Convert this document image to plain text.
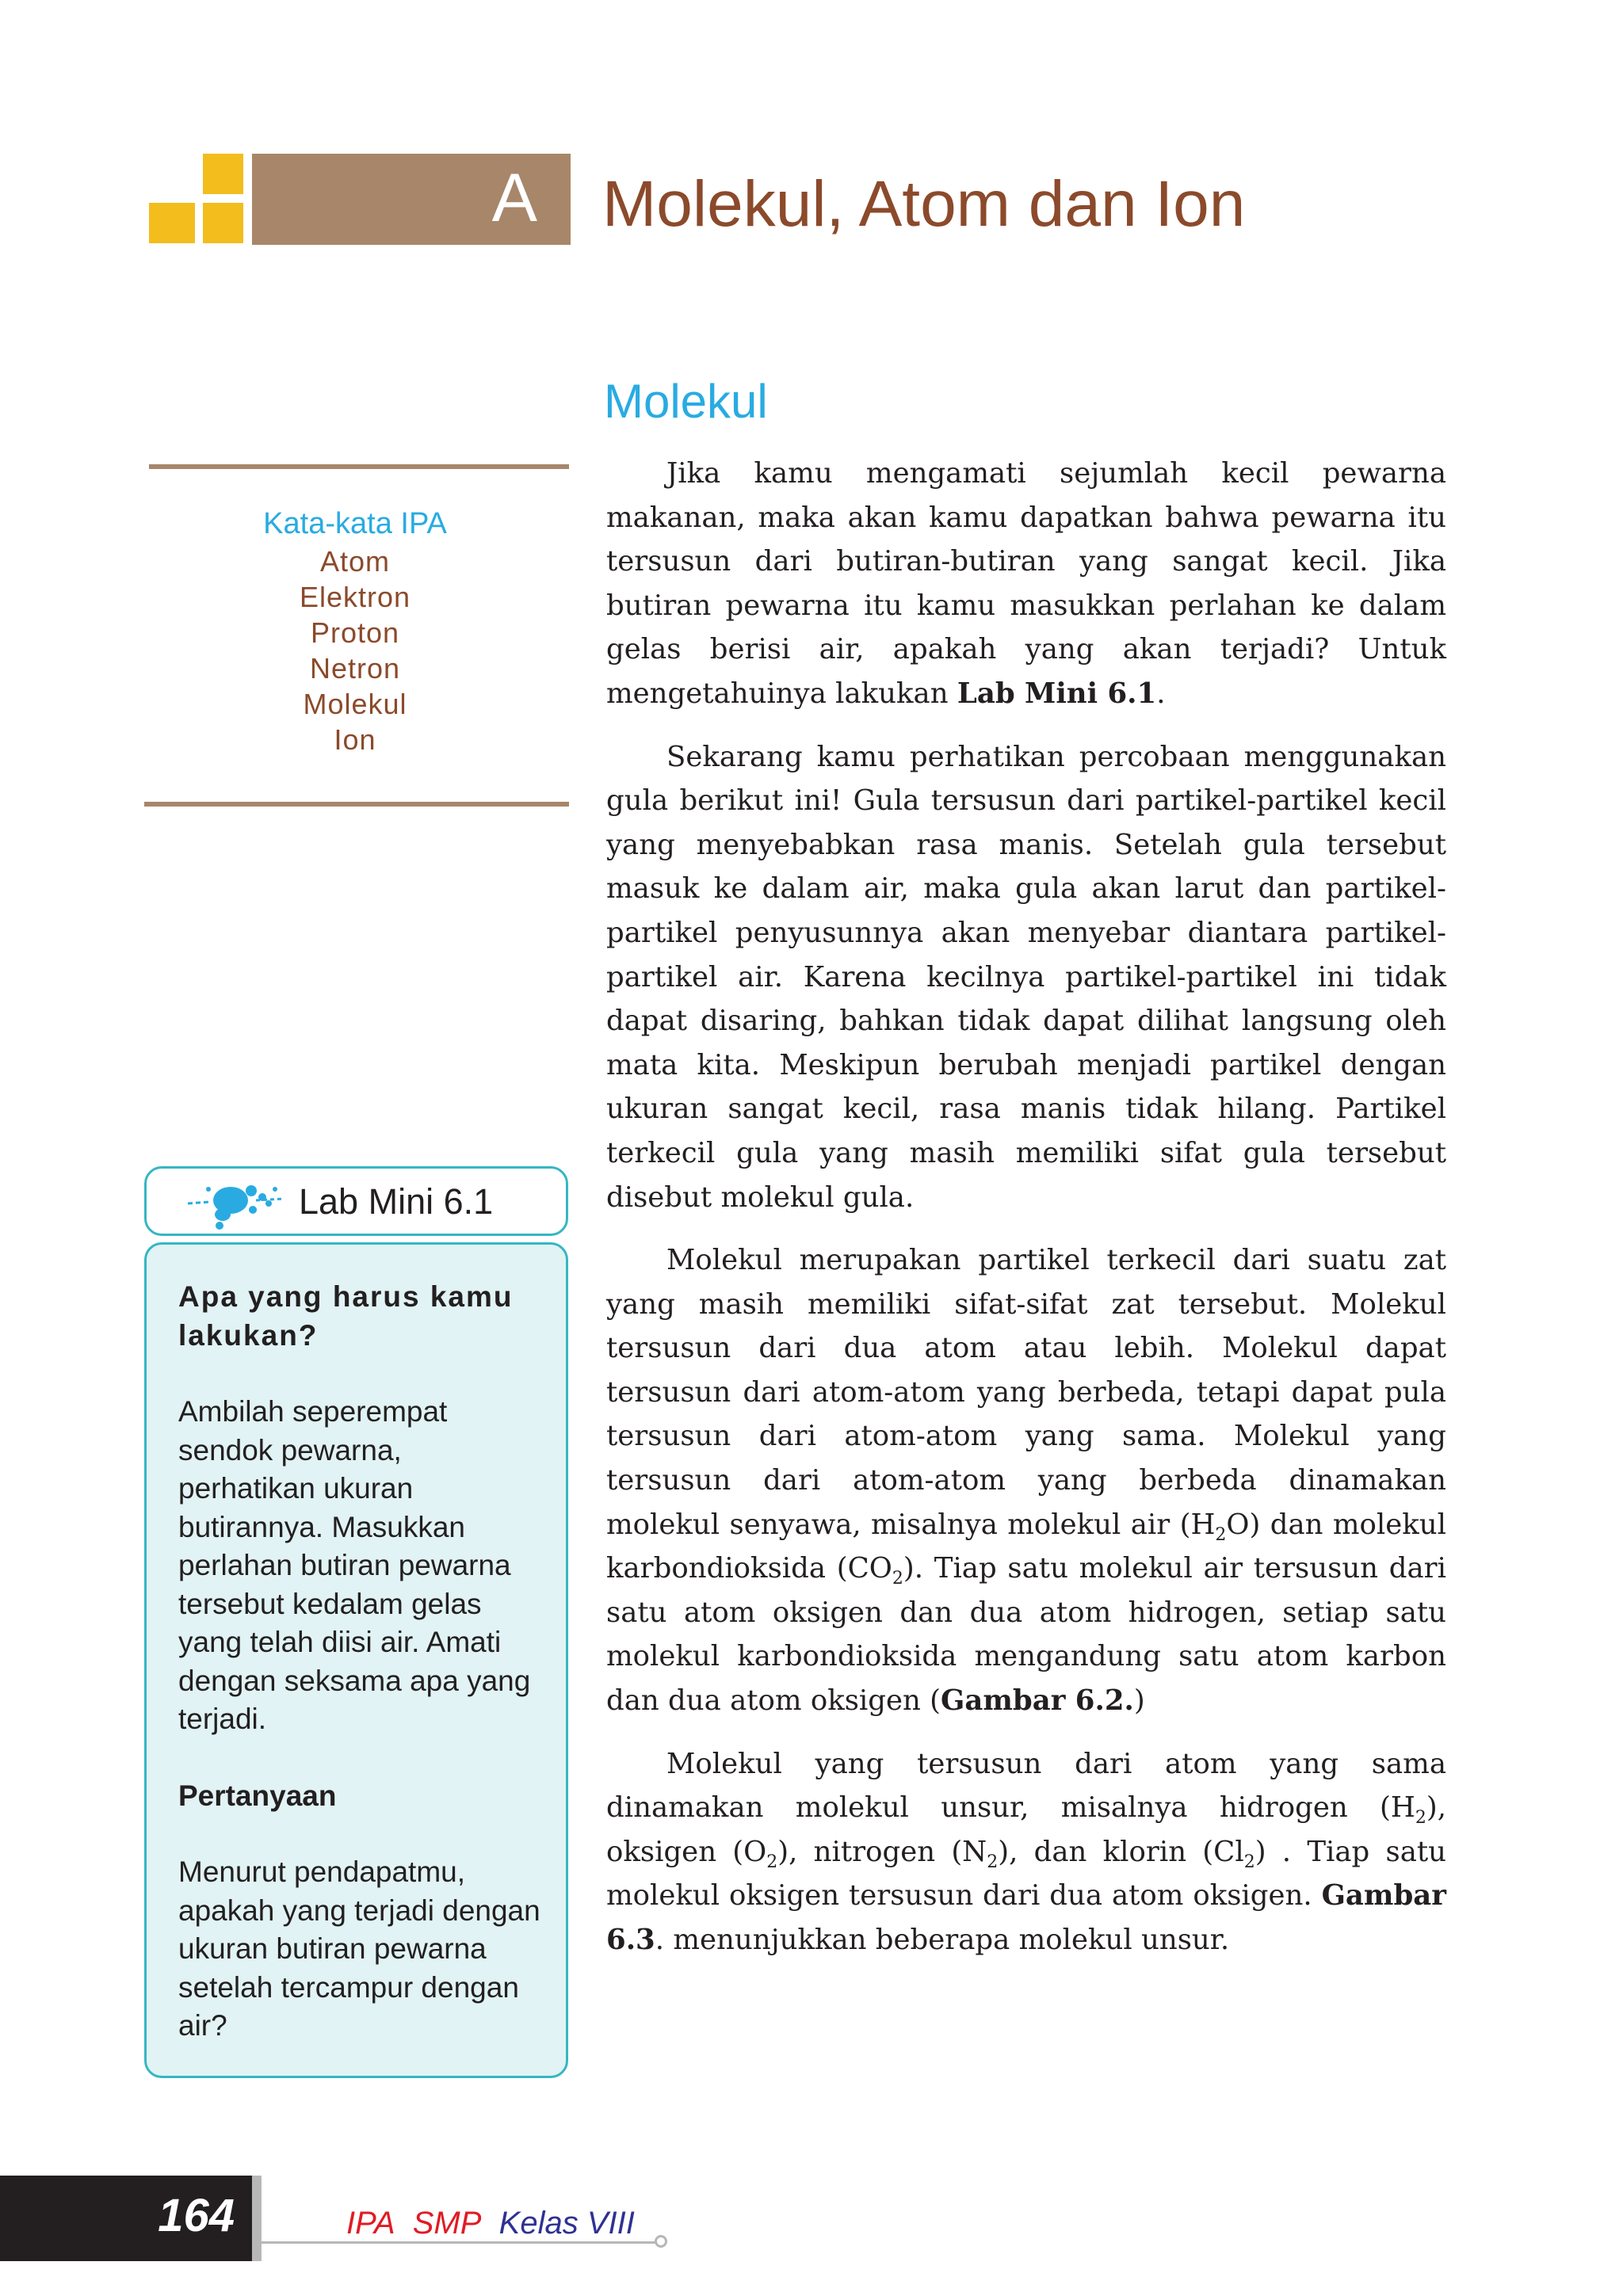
A Molekul, Atom dan Ion
Kata-kata IPA
Atom
Elektron
Proton
Netron
Molekul
Ion
Molekul

Jika kamu mengamati sejumlah kecil pewarna makanan, maka akan kamu dapatkan bahwa pewarna itu tersusun dari butiran-butiran yang sangat kecil. Jika butiran pewarna itu kamu masukkan perlahan ke dalam gelas berisi air, apakah yang akan terjadi? Untuk mengetahuinya lakukan Lab Mini 6.1.

Sekarang kamu perhatikan percobaan menggunakan gula berikut ini! Gula tersusun dari partikel-partikel kecil yang menyebabkan rasa manis. Setelah gula tersebut masuk ke dalam air, maka gula akan larut dan partikel-partikel penyusunnya akan menyebar diantara partikel-partikel air. Karena kecilnya partikel-partikel ini tidak dapat disaring, bahkan tidak dapat dilihat langsung oleh mata kita. Meskipun berubah menjadi partikel dengan ukuran sangat kecil, rasa manis tidak hilang. Partikel terkecil gula yang masih memiliki sifat gula tersebut disebut molekul gula.

Molekul merupakan partikel terkecil dari suatu zat yang masih memiliki sifat-sifat zat tersebut. Molekul tersusun dari dua atom atau lebih. Molekul dapat tersusun dari atom-atom yang berbeda, tetapi dapat pula tersusun dari atom-atom yang sama. Molekul yang tersusun dari atom-atom yang berbeda dinamakan molekul senyawa, misalnya molekul air $(H_2O)$ dan molekul karbondioksida $(CO_2)$. Tiap satu molekul air tersusun dari satu atom oksigen dan dua atom hidrogen, setiap satu molekul karbondioksida mengandung satu atom karbon dan dua atom oksigen (Gambar 6.2.)

Molekul yang tersusun dari atom yang sama dinamakan molekul unsur, misalnya hidrogen $(H_2)$, oksigen $(O_2)$, nitrogen $(N_2)$, dan klorin $(Cl_2)$ . Tiap satu molekul oksigen tersusun dari dua atom oksigen. Gambar 6.3. menunjukkan beberapa molekul unsur.

Lab Mini 6.1

Apa yang harus kamu lakukan?

Ambilah seperempat sendok pewarna, perhatikan ukuran butirannya. Masukkan perlahan butiran pewarna tersebut kedalam gelas yang telah diisi air. Amati dengan seksama apa yang terjadi.

Pertanyaan

Menurut pendapatmu, apakah yang terjadi dengan ukuran butiran pewarna setelah tercampur dengan air?

164	IPA SMP Kelas VIII
